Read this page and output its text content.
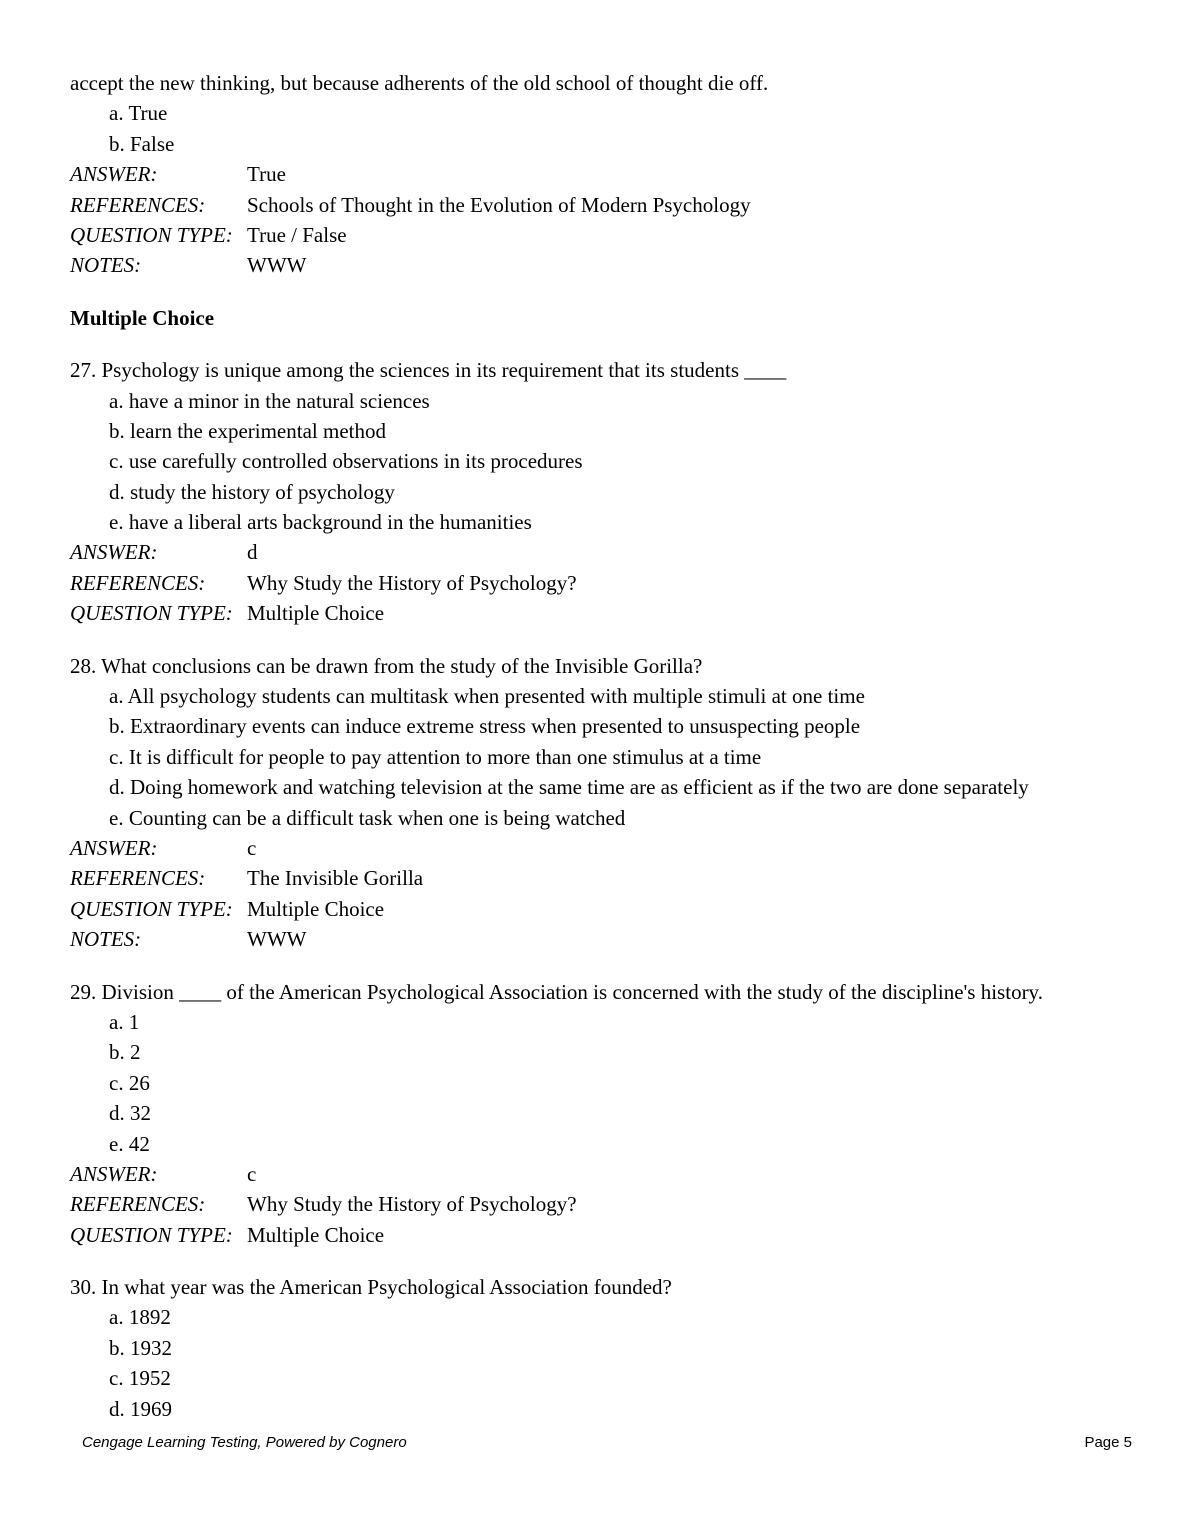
accept the new thinking, but because adherents of the old school of thought die off.
a. True
b. False
ANSWER:	True
REFERENCES:	Schools of Thought in the Evolution of Modern Psychology
QUESTION TYPE: True / False
NOTES:	WWW
Multiple Choice
27. Psychology is unique among the sciences in its requirement that its students ____
a. have a minor in the natural sciences
b. learn the experimental method
c. use carefully controlled observations in its procedures
d. study the history of psychology
e. have a liberal arts background in the humanities
ANSWER:	d
REFERENCES:	Why Study the History of Psychology?
QUESTION TYPE: Multiple Choice
28. What conclusions can be drawn from the study of the Invisible Gorilla?
a. All psychology students can multitask when presented with multiple stimuli at one time
b. Extraordinary events can induce extreme stress when presented to unsuspecting people
c. It is difficult for people to pay attention to more than one stimulus at a time
d. Doing homework and watching television at the same time are as efficient as if the two are done separately
e. Counting can be a difficult task when one is being watched
ANSWER:	c
REFERENCES:	The Invisible Gorilla
QUESTION TYPE: Multiple Choice
NOTES:	WWW
29. Division ____ of the American Psychological Association is concerned with the study of the discipline's history.
a. 1
b. 2
c. 26
d. 32
e. 42
ANSWER:	c
REFERENCES:	Why Study the History of Psychology?
QUESTION TYPE: Multiple Choice
30. In what year was the American Psychological Association founded?
a. 1892
b. 1932
c. 1952
d. 1969
Cengage Learning Testing, Powered by Cognero	Page 5
